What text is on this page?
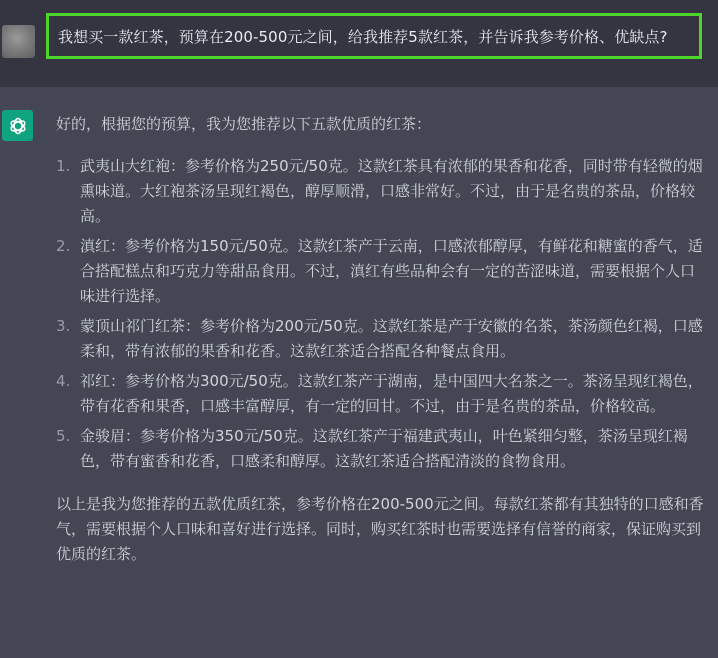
我想买一款红茶，预算在200-500元之间，给我推荐5款红茶，并告诉我参考价格、优缺点?

好的，根据您的预算，我为您推荐以下五款优质的红茶：

1. 武夷山大红袍：参考价格为250元/50克。这款红茶具有浓郁的果香和花香，同时带有轻微的烟熏味道。大红袍茶汤呈现红褐色，醇厚顺滑，口感非常好。不过，由于是名贵的茶品，价格较高。
2. 滇红：参考价格为150元/50克。这款红茶产于云南，口感浓郁醇厚，有鲜花和糖蜜的香气，适合搭配糕点和巧克力等甜品食用。不过，滇红有些品种会有一定的苦涩味道，需要根据个人口味进行选择。
3. 蒙顶山祁门红茶：参考价格为200元/50克。这款红茶是产于安徽的名茶，茶汤颜色红褐，口感柔和，带有浓郁的果香和花香。这款红茶适合搭配各种餐点食用。
4. 祁红：参考价格为300元/50克。这款红茶产于湖南，是中国四大名茶之一。茶汤呈现红褐色，带有花香和果香，口感丰富醇厚，有一定的回甘。不过，由于是名贵的茶品，价格较高。
5. 金骏眉：参考价格为350元/50克。这款红茶产于福建武夷山，叶色紧细匀整，茶汤呈现红褐色，带有蜜香和花香，口感柔和醇厚。这款红茶适合搭配清淡的食物食用。

以上是我为您推荐的五款优质红茶，参考价格在200-500元之间。每款红茶都有其独特的口感和香气，需要根据个人口味和喜好进行选择。同时，购买红茶时也需要选择有信誉的商家，保证购买到优质的红茶。
